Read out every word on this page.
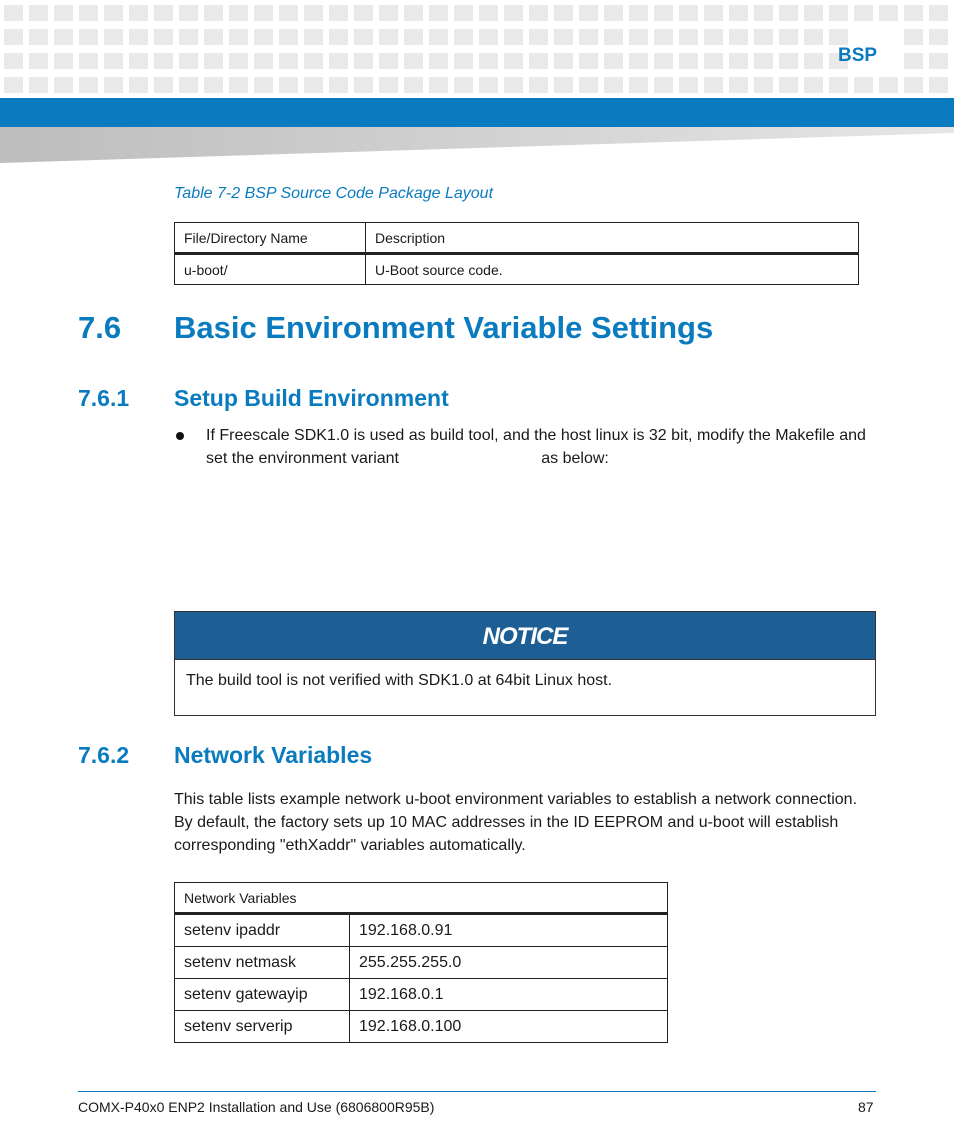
BSP
Table 7-2 BSP Source Code Package Layout
File/Directory Name	Description
u-boot/	U-Boot source code.
7.6 Basic Environment Variable Settings
7.6.1 Setup Build Environment
If Freescale SDK1.0 is used as build tool, and the host linux is 32 bit, modify the Makefile and set the environment variant                                as below:
NOTICE
The build tool is not verified with SDK1.0 at 64bit Linux host.
7.6.2 Network Variables
This table lists example network u-boot environment variables to establish a network connection. By default, the factory sets up 10 MAC addresses in the ID EEPROM and u-boot will establish corresponding "ethXaddr" variables automatically.
Network Variables	
setenv ipaddr	192.168.0.91
setenv netmask	255.255.255.0
setenv gatewayip	192.168.0.1
setenv serverip	192.168.0.100
COMX-P40x0 ENP2 Installation and Use (6806800R95B)	87
